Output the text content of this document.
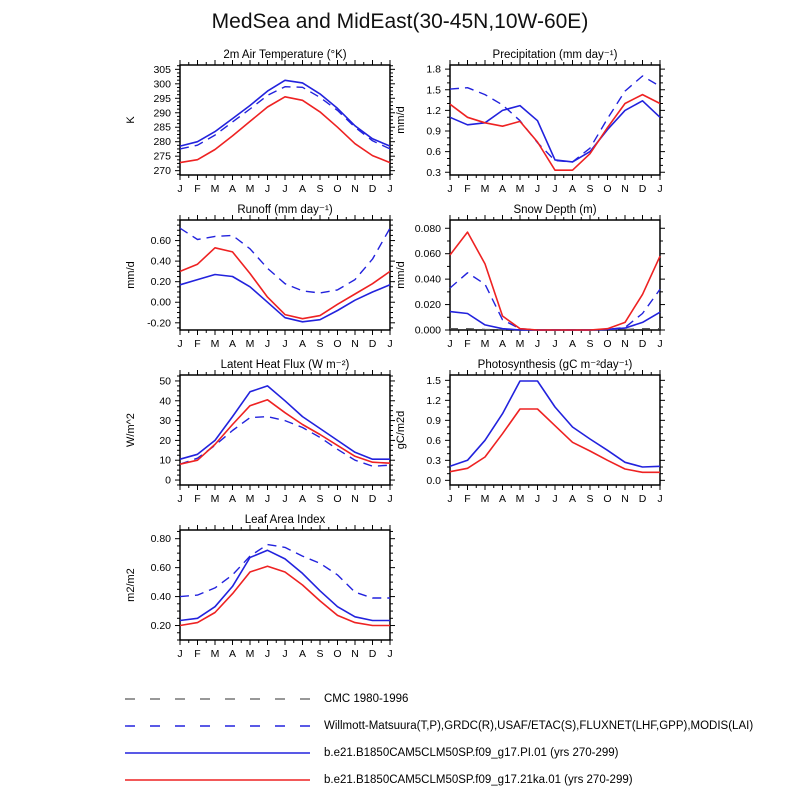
MedSea and MidEast(30-45N,10W-60E)
2m Air Temperature (°K)
K
270
275
280
285
290
295
300
305
J F M A M J J A S O N D J
Precipitation (mm day⁻¹)
mm/d
0.3
0.6
0.9
1.2
1.5
1.8
J F M A M J J A S O N D J
Runoff (mm day⁻¹)
mm/d
-0.20
0.00
0.20
0.40
0.60
J F M A M J J A S O N D J
Snow Depth (m)
mm/d
0.000
0.020
0.040
0.060
0.080
J F M A M J J A S O N D J
Latent Heat Flux (W m⁻²)
W/m^2
0
10
20
30
40
50
J F M A M J J A S O N D J
Photosynthesis (gC m⁻²day⁻¹)
gC/m2d
0.0
0.3
0.6
0.9
1.2
1.5
J F M A M J J A S O N D J
Leaf Area Index
m2/m2
0.20
0.40
0.60
0.80
J F M A M J J A S O N D J
CMC 1980-1996
Willmott-Matsuura(T,P),GRDC(R),USAF/ETAC(S),FLUXNET(LHF,GPP),MODIS(LAI)
b.e21.B1850CAM5CLM50SP.f09_g17.PI.01 (yrs 270-299)
b.e21.B1850CAM5CLM50SP.f09_g17.21ka.01 (yrs 270-299)
